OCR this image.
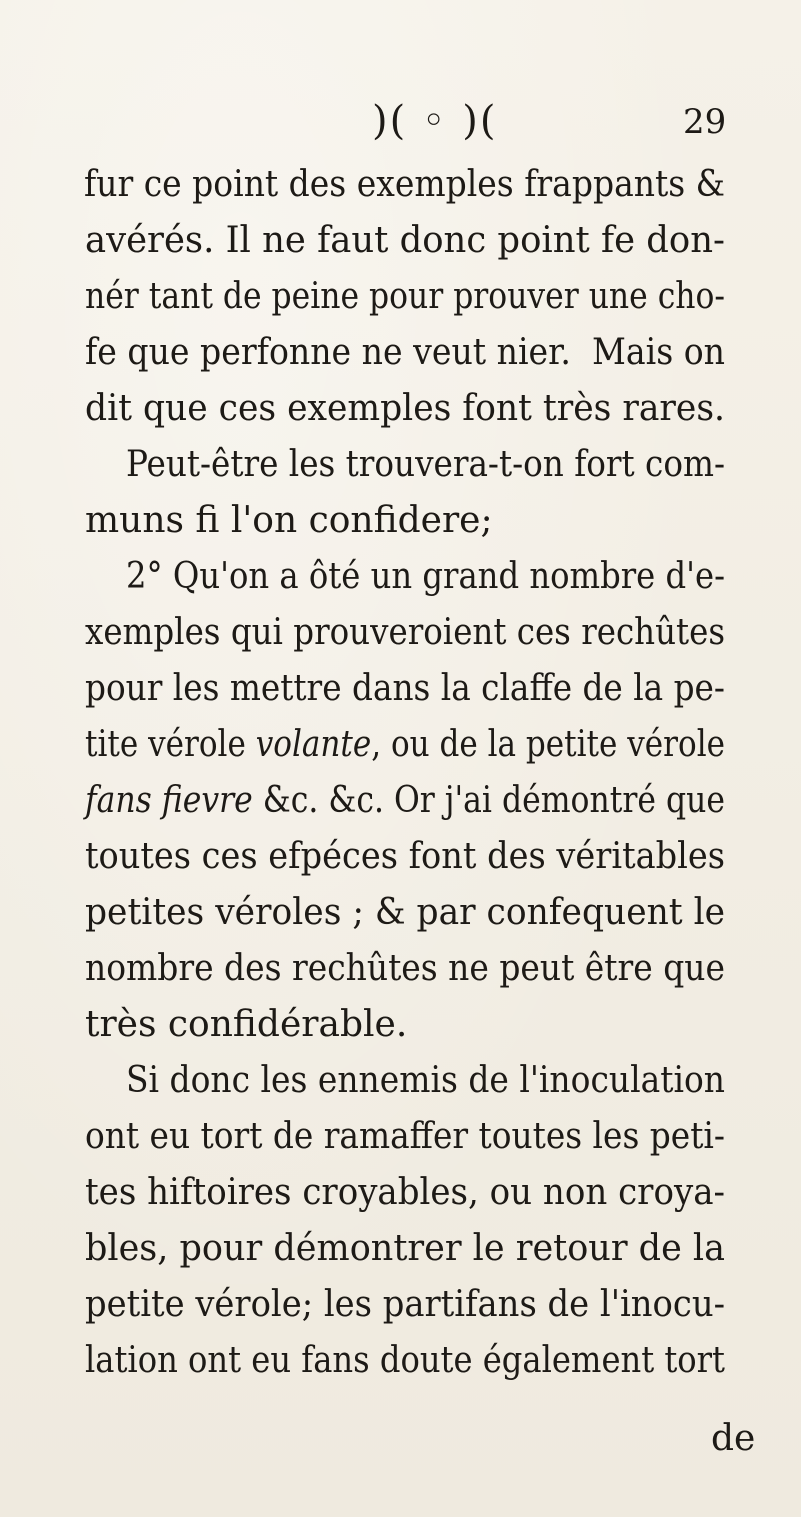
)( ◦ )(	29
fur ce point des exemples frappants &
avérés. Il ne faut donc point fe don-
nér tant de peine pour prouver une cho-
fe que perfonne ne veut nier.  Mais on
dit que ces exemples font très rares.
Peut-être les trouvera-t-on fort com-
muns fi l'on confidere;
2° Qu'on a ôté un grand nombre d'e-
xemples qui prouveroient ces rechûtes
pour les mettre dans la claffe de la pe-
tite vérole volante, ou de la petite vérole
fans fievre &c. &c. Or j'ai démontré que
toutes ces efpéces font des véritables
petites véroles ; & par confequent le
nombre des rechûtes ne peut être que
très confidérable.
Si donc les ennemis de l'inoculation
ont eu tort de ramaffer toutes les peti-
tes hiftoires croyables, ou non croya-
bles, pour démontrer le retour de la
petite vérole; les partifans de l'inocu-
lation ont eu fans doute également tort
de
